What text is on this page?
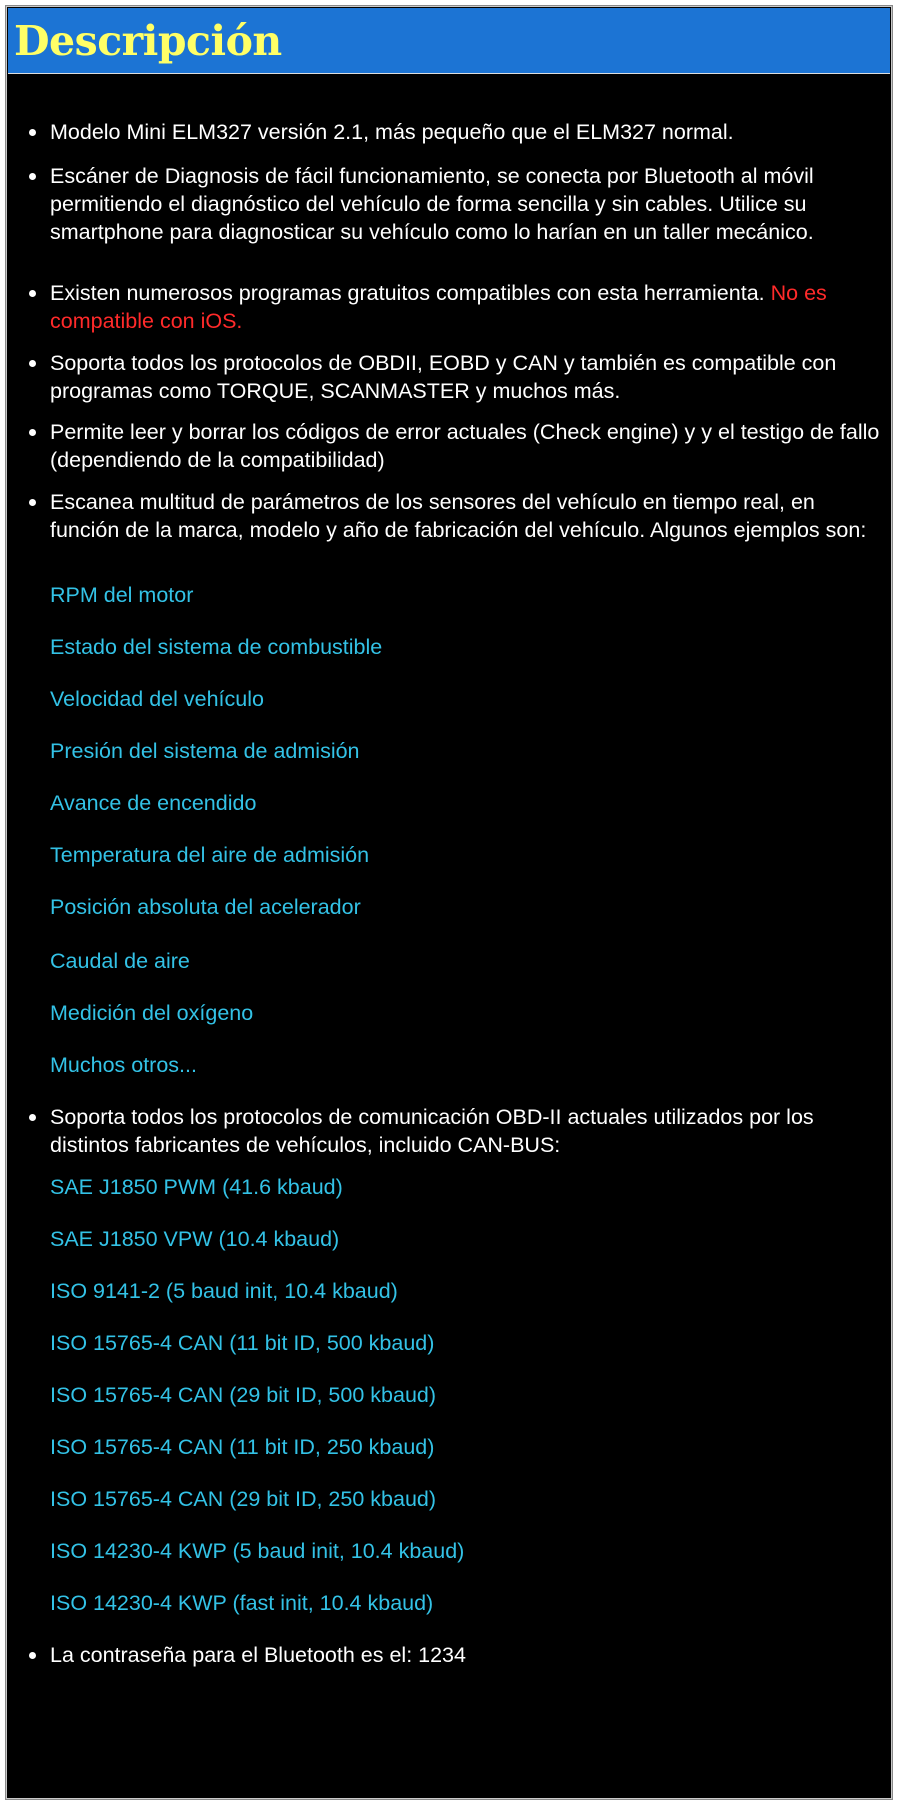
Descripción
Modelo Mini ELM327 versión 2.1, más pequeño que el ELM327 normal.
Escáner de Diagnosis de fácil funcionamiento, se conecta por Bluetooth al móvil permitiendo el diagnóstico del vehículo de forma sencilla y sin cables. Utilice su smartphone para diagnosticar su vehículo como lo harían en un taller mecánico.
Existen numerosos programas gratuitos compatibles con esta herramienta. No es compatible con iOS.
Soporta todos los protocolos de OBDII, EOBD y CAN y también es compatible con programas como TORQUE, SCANMASTER y muchos más.
Permite leer y borrar los códigos de error actuales (Check engine) y y el testigo de fallo (dependiendo de la compatibilidad)
Escanea multitud de parámetros de los sensores del vehículo en tiempo real, en función de la marca, modelo y año de fabricación del vehículo. Algunos ejemplos son:
RPM del motor
Estado del sistema de combustible
Velocidad del vehículo
Presión del sistema de admisión
Avance de encendido
Temperatura del aire de admisión
Posición absoluta del acelerador
Caudal de aire
Medición del oxígeno
Muchos otros...
Soporta todos los protocolos de comunicación OBD-II actuales utilizados por los distintos fabricantes de vehículos, incluido CAN-BUS:
SAE J1850 PWM (41.6 kbaud)
SAE J1850 VPW (10.4 kbaud)
ISO 9141-2 (5 baud init, 10.4 kbaud)
ISO 15765-4 CAN (11 bit ID, 500 kbaud)
ISO 15765-4 CAN (29 bit ID, 500 kbaud)
ISO 15765-4 CAN (11 bit ID, 250 kbaud)
ISO 15765-4 CAN (29 bit ID, 250 kbaud)
ISO 14230-4 KWP (5 baud init, 10.4 kbaud)
ISO 14230-4 KWP (fast init, 10.4 kbaud)
La contraseña para el Bluetooth es el: 1234
